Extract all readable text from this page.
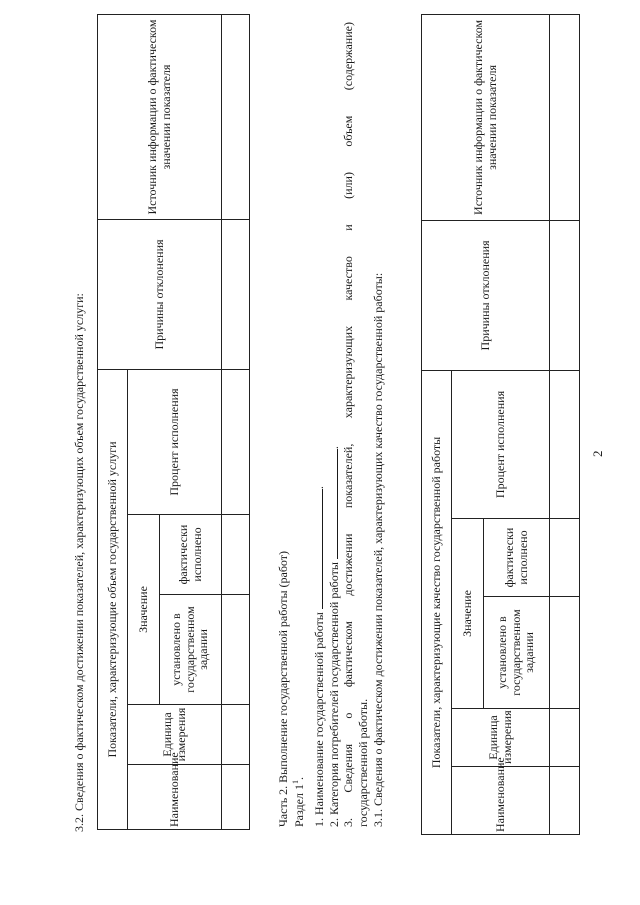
2
3.2. Сведения о фактическом достижении показателей, характеризующих объем государственной услуги: Показатели, характеризующие объем государственной услуги					Причины отклонения	Источник информации о фактическом значении показателя
Наименование	Единица измерения	Значение		Процент исполнения		
		установлено в государственном задании	фактически исполнено			
							Часть 2. Выполнение государственной работы (работ) Раздел $1^1$. 1. Наименование государственной работы .
2. Категория потребителей государственной работы .
3.
Сведения
о
фактическом
достижении
показателей,
характеризующих
качество
и
(или)
объем
(содержание)
государственной работы. 3.1. Сведения о фактическом достижении показателей, характеризующих качество государственной работы:	Показатели, характеризующие качество государственной работы					Причины отклонения	Источник информации о фактическом значении показателя
Наименование	Единица измерения	Значение		Процент исполнения		
		установлено в государственном задании	фактически исполнено			
